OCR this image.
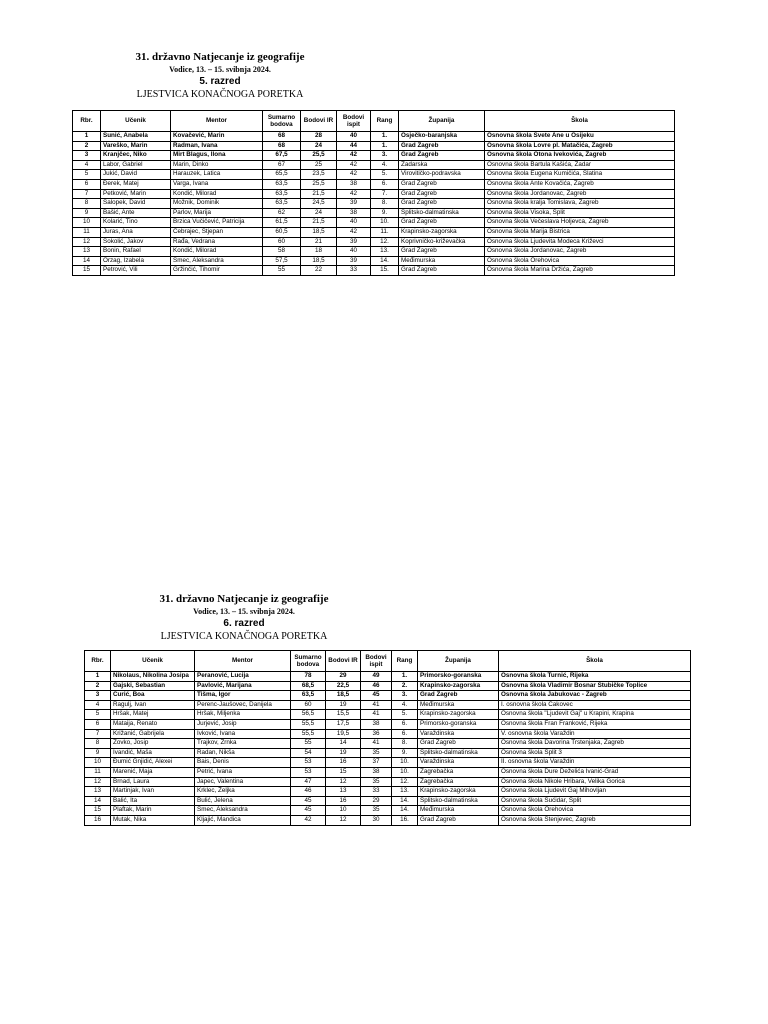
31. državno Natjecanje iz geografije
Vodice, 13. – 15. svibnja 2024.
5. razred
LJESTVICA KONAČNOGA PORETKA
Rbr.	Učenik	Mentor	Sumarno bodova	Bodovi IR	Bodovi ispit	Rang	Županija	Škola
1	Šunić, Anabela	Kovačević, Marin	68	28	40	1.	Osječko-baranjska	Osnovna škola Svete Ane u Osijeku
2	Vareško, Marin	Radman, Ivana	68	24	44	1.	Grad Zagreb	Osnovna škola Lovre pl. Matačića, Zagreb
3	Kranjčec, Niko	Mirt Blagus, Ilona	67,5	25,5	42	3.	Grad Zagreb	Osnovna škola Otona Ivekovića, Zagreb
4	Labor, Gabriel	Marin, Dinko	67	25	42	4.	Zadarska	Osnovna škola Bartula Kašića, Zadar
5	Jukić, David	Harauzek, Latica	65,5	23,5	42	5.	Virovitičko-podravska	Osnovna škola Eugena Kumičića, Slatina
6	Đerek, Matej	Varga, Ivana	63,5	25,5	38	6.	Grad Zagreb	Osnovna škola Ante Kovačića, Zagreb
7	Petković, Marin	Kondić, Milorad	63,5	21,5	42	7.	Grad Zagreb	Osnovna škola Jordanovac, Zagreb
8	Šalopek, David	Možnik, Dominik	63,5	24,5	39	8.	Grad Zagreb	Osnovna škola kralja Tomislava, Zagreb
9	Bašić, Ante	Parlov, Marija	62	24	38	9.	Splitsko-dalmatinska	Osnovna škola Visoka, Split
10	Kolarić, Tino	Brzica Vučičević, Patricija	61,5	21,5	40	10.	Grad Zagreb	Osnovna škola Večeslava Holjevca, Zagreb
11	Juras, Ana	Čebrajec, Stjepan	60,5	18,5	42	11.	Krapinsko-zagorska	Osnovna škola Marija Bistrica
12	Sokolić, Jakov	Rađa, Vedrana	60	21	39	12.	Koprivničko-križevačka	Osnovna škola Ljudevita Modeca Križevci
13	Bonin, Rafael	Kondić, Milorad	58	18	40	13.	Grad Zagreb	Osnovna škola Jordanovac, Zagreb
14	Orzag, Izabela	Smec, Aleksandra	57,5	18,5	39	14.	Međimurska	Osnovna škola Orehovica
15	Petrović, Vili	Gržinčić, Tihomir	55	22	33	15.	Grad Zagreb	Osnovna škola Marina Držića, Zagreb
31. državno Natjecanje iz geografije
Vodice, 13. – 15. svibnja 2024.
6. razred
LJESTVICA KONAČNOGA PORETKA
Rbr.	Učenik	Mentor	Sumarno bodova	Bodovi IR	Bodovi ispit	Rang	Županija	Škola
1	Nikolaus, Nikolina Josipa	Peranović, Lucija	78	29	49	1.	Primorsko-goranska	Osnovna škola Turnić, Rijeka
2	Gajski, Sebastian	Pavlović, Marijana	68,5	22,5	46	2.	Krapinsko-zagorska	Osnovna škola Vladimir Bosnar Stubičke Toplice
3	Ćurić, Boa	Tišma, Igor	63,5	18,5	45	3.	Grad Zagreb	Osnovna škola Jabukovac - Zagreb
4	Ragulj, Ivan	Perenc-Jaušovec, Danijela	60	19	41	4.	Međimurska	I. osnovna škola Čakovec
5	Hršak, Matej	Hršak, Miljenka	56,5	15,5	41	5.	Krapinsko-zagorska	Osnovna škola "Ljudevit Gaj" u Krapini, Krapina
6	Mataija, Renato	Jurjević, Josip	55,5	17,5	38	6.	Primorsko-goranska	Osnovna škola Fran Franković, Rijeka
7	Križanić, Gabrijela	Ivković, Ivana	55,5	19,5	36	6.	Varaždinska	V. osnovna škola Varaždin
8	Zovko, Josip	Trajkov, Zrnka	55	14	41	8.	Grad Zagreb	Osnovna škola Davorina Trstenjaka, Zagreb
9	Ivandić, Maša	Radan, Nikša	54	19	35	9.	Splitsko-dalmatinska	Osnovna škola Split 3
10	Đumić Gnjidić, Alexei	Bais, Denis	53	16	37	10.	Varaždinska	II. osnovna škola Varaždin
11	Marenić, Maja	Petrić, Ivana	53	15	38	10.	Zagrebačka	Osnovna škola Dure Deželića Ivanić-Grad
12	Brnad, Laura	Japec, Valentina	47	12	35	12.	Zagrebačka	Osnovna škola Nikole Hribara, Velika Gorica
13	Martinjak, Ivan	Krklec, Željka	46	13	33	13.	Krapinsko-zagorska	Osnovna škola Ljudevit Gaj Mihovljan
14	Balić, Ita	Bulić, Jelena	45	16	29	14.	Splitsko-dalmatinska	Osnovna škola Sućidar, Split
15	Plaftak, Marin	Smec, Aleksandra	45	10	35	14.	Međimurska	Osnovna škola Orehovica
16	Mutak, Nika	Kljajić, Mandica	42	12	30	16.	Grad Zagreb	Osnovna škola Stenjevec, Zagreb
